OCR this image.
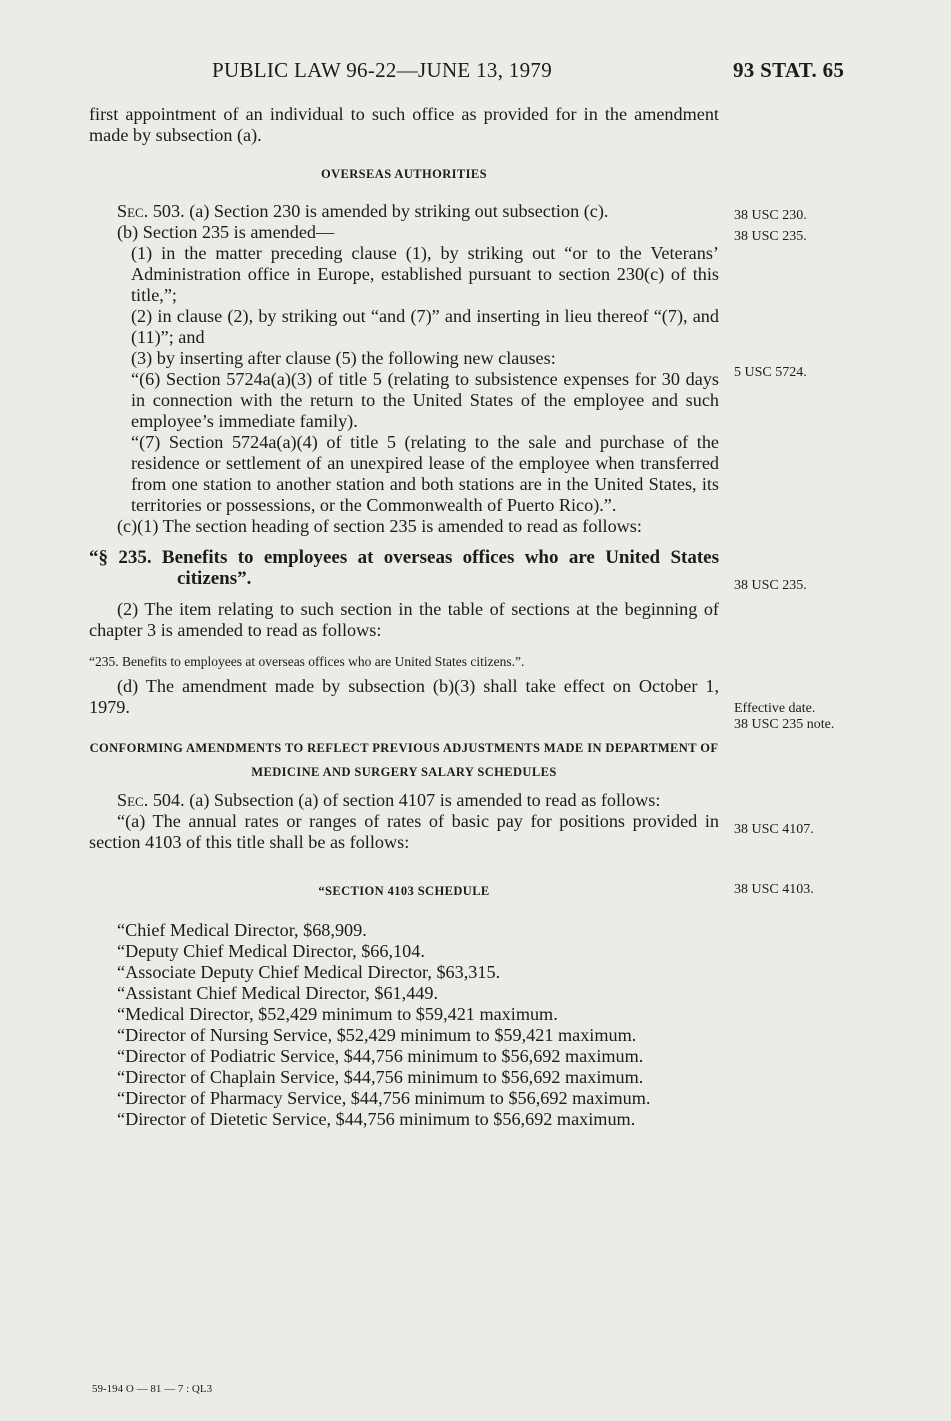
PUBLIC LAW 96-22—JUNE 13, 1979	93 STAT. 65

first appointment of an individual to such office as provided for in the amendment made by subsection (a).

OVERSEAS AUTHORITIES

Sec. 503. (a) Section 230 is amended by striking out subsection (c).

(b) Section 235 is amended—

(1) in the matter preceding clause (1), by striking out “or to the Veterans’ Administration office in Europe, established pursuant to section 230(c) of this title,”;

(2) in clause (2), by striking out “and (7)” and inserting in lieu thereof “(7), and (11)”; and

(3) by inserting after clause (5) the following new clauses:

“(6) Section 5724a(a)(3) of title 5 (relating to subsistence expenses for 30 days in connection with the return to the United States of the employee and such employee’s immediate family).

“(7) Section 5724a(a)(4) of title 5 (relating to the sale and purchase of the residence or settlement of an unexpired lease of the employee when transferred from one station to another station and both stations are in the United States, its territories or possessions, or the Commonwealth of Puerto Rico).”.

(c)(1) The section heading of section 235 is amended to read as follows:

“§ 235. Benefits to employees at overseas offices who are United States citizens”.

(2) The item relating to such section in the table of sections at the beginning of chapter 3 is amended to read as follows:

“235. Benefits to employees at overseas offices who are United States citizens.”.

(d) The amendment made by subsection (b)(3) shall take effect on October 1, 1979.

CONFORMING AMENDMENTS TO REFLECT PREVIOUS ADJUSTMENTS MADE IN DEPARTMENT OF MEDICINE AND SURGERY SALARY SCHEDULES

Sec. 504. (a) Subsection (a) of section 4107 is amended to read as follows:

“(a) The annual rates or ranges of rates of basic pay for positions provided in section 4103 of this title shall be as follows:

“SECTION 4103 SCHEDULE

“Chief Medical Director, $68,909.

“Deputy Chief Medical Director, $66,104.

“Associate Deputy Chief Medical Director, $63,315.

“Assistant Chief Medical Director, $61,449.

“Medical Director, $52,429 minimum to $59,421 maximum.

“Director of Nursing Service, $52,429 minimum to $59,421 maximum.

“Director of Podiatric Service, $44,756 minimum to $56,692 maximum.

“Director of Chaplain Service, $44,756 minimum to $56,692 maximum.

“Director of Pharmacy Service, $44,756 minimum to $56,692 maximum.

“Director of Dietetic Service, $44,756 minimum to $56,692 maximum.

38 USC 230.
38 USC 235.
5 USC 5724.
38 USC 235.
Effective date.
38 USC 235 note.
38 USC 4107.
38 USC 4103.
59-194 O — 81 — 7 : QL3
